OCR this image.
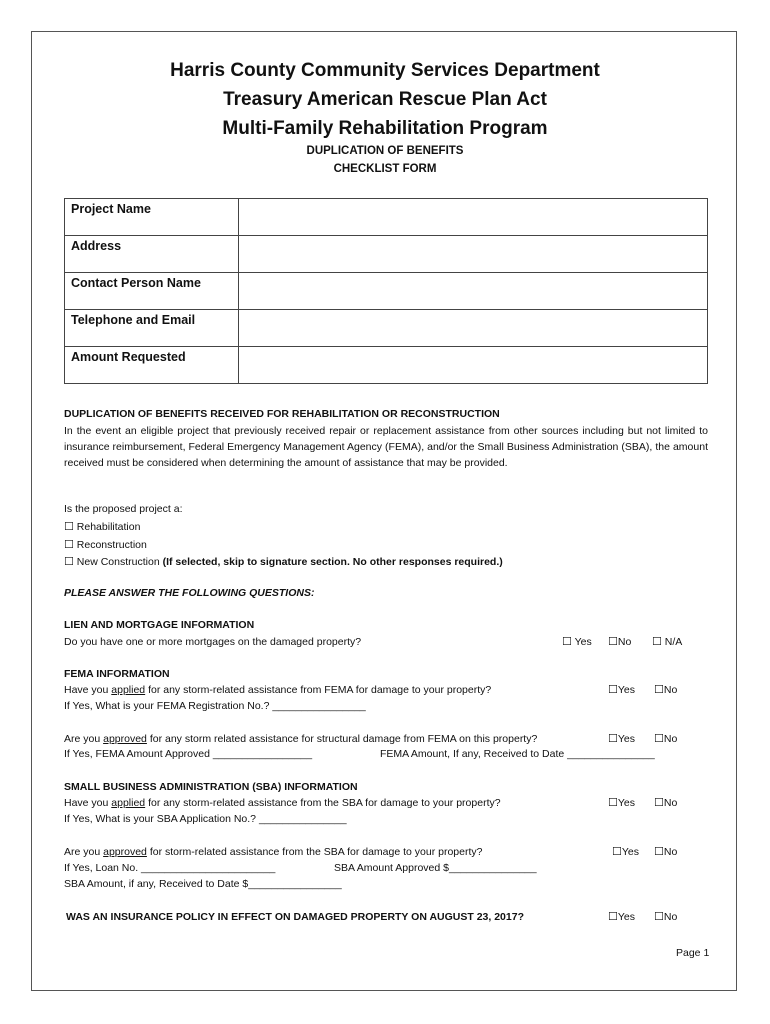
Harris County Community Services Department
Treasury American Rescue Plan Act
Multi-Family Rehabilitation Program
DUPLICATION OF BENEFITS
CHECKLIST FORM
Project Name	
Address	
Contact Person Name	
Telephone and Email	
Amount Requested	
DUPLICATION OF BENEFITS RECEIVED FOR REHABILITATION OR RECONSTRUCTION
In the event an eligible project that previously received repair or replacement assistance from other sources including but not limited to insurance reimbursement, Federal Emergency Management Agency (FEMA), and/or the Small Business Administration (SBA), the amount received must be considered when determining the amount of assistance that may be provided.
Is the proposed project a:
☐ Rehabilitation
☐ Reconstruction
☐ New Construction (If selected, skip to signature section. No other responses required.)
PLEASE ANSWER THE FOLLOWING QUESTIONS:
LIEN AND MORTGAGE INFORMATION
Do you have one or more mortgages on the damaged property?	☐ Yes ☐No ☐ N/A
FEMA INFORMATION
Have you applied for any storm-related assistance from FEMA for damage to your property?	☐Yes ☐No
If Yes, What is your FEMA Registration No.? ________________
Are you approved for any storm related assistance for structural damage from FEMA on this property?	☐Yes ☐No
If Yes, FEMA Amount Approved _________________	FEMA Amount, If any, Received to Date _______________
SMALL BUSINESS ADMINISTRATION (SBA) INFORMATION
Have you applied for any storm-related assistance from the SBA for damage to your property?	☐Yes ☐No
If Yes, What is your SBA Application No.? _______________
Are you approved for storm-related assistance from the SBA for damage to your property?	☐Yes ☐No
If Yes, Loan No. _______________________	SBA Amount Approved $_______________
SBA Amount, if any, Received to Date $________________
WAS AN INSURANCE POLICY IN EFFECT ON DAMAGED PROPERTY ON AUGUST 23, 2017?	☐Yes ☐No
Page 1
